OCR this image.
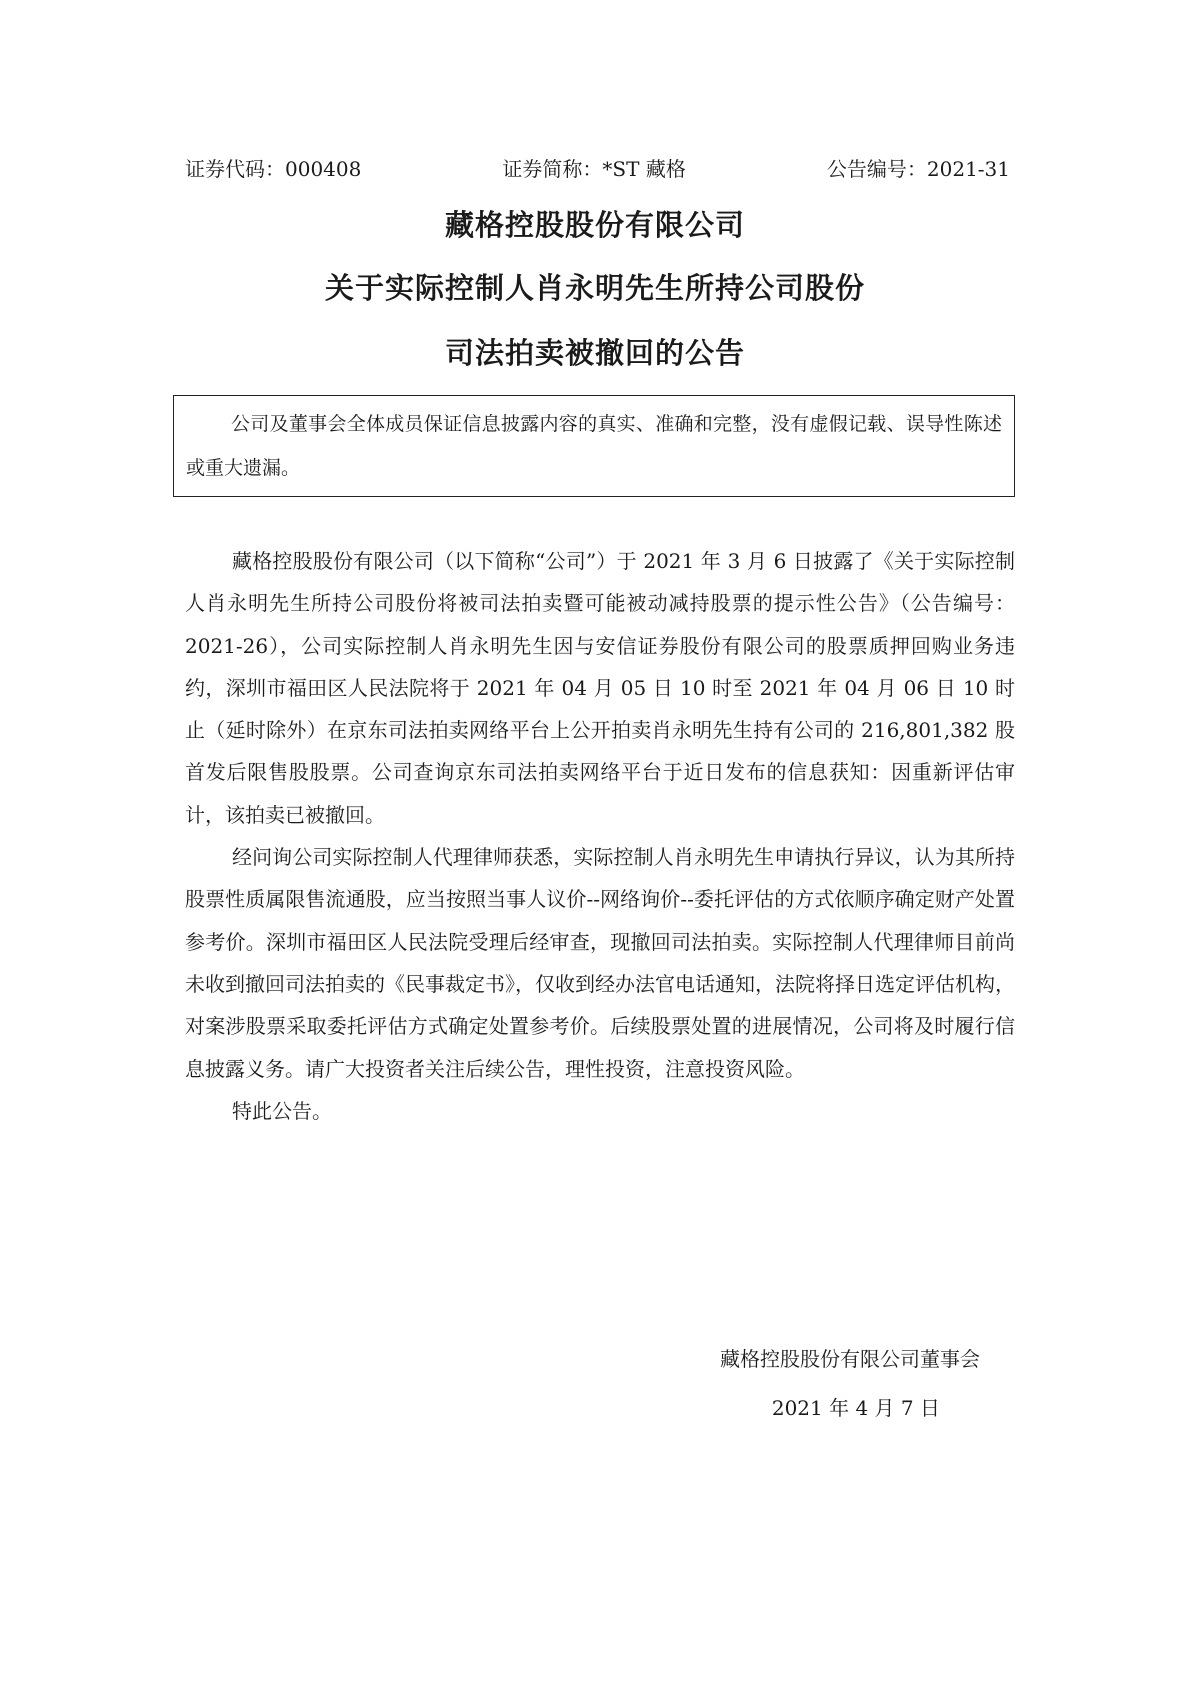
证券代码：000408	证券简称：*ST 藏格	公告编号：2021-31
藏格控股股份有限公司
关于实际控制人肖永明先生所持公司股份
司法拍卖被撤回的公告
公司及董事会全体成员保证信息披露内容的真实、准确和完整，没有虚假记载、误导性陈述或重大遗漏。

藏格控股股份有限公司（以下简称“公司”）于 2021 年 3 月 6 日披露了《关于实际控制人肖永明先生所持公司股份将被司法拍卖暨可能被动减持股票的提示性公告》（公告编号：2021-26），公司实际控制人肖永明先生因与安信证券股份有限公司的股票质押回购业务违约，深圳市福田区人民法院将于 2021 年 04 月 05 日 10 时至 2021 年 04 月 06 日 10 时止（延时除外）在京东司法拍卖网络平台上公开拍卖肖永明先生持有公司的 216,801,382 股首发后限售股股票。公司查询京东司法拍卖网络平台于近日发布的信息获知：因重新评估审计，该拍卖已被撤回。

经问询公司实际控制人代理律师获悉，实际控制人肖永明先生申请执行异议，认为其所持股票性质属限售流通股，应当按照当事人议价--网络询价--委托评估的方式依顺序确定财产处置参考价。深圳市福田区人民法院受理后经审查，现撤回司法拍卖。实际控制人代理律师目前尚未收到撤回司法拍卖的《民事裁定书》，仅收到经办法官电话通知，法院将择日选定评估机构，对案涉股票采取委托评估方式确定处置参考价。后续股票处置的进展情况，公司将及时履行信息披露义务。请广大投资者关注后续公告，理性投资，注意投资风险。

特此公告。

藏格控股股份有限公司董事会
2021 年 4 月 7 日
